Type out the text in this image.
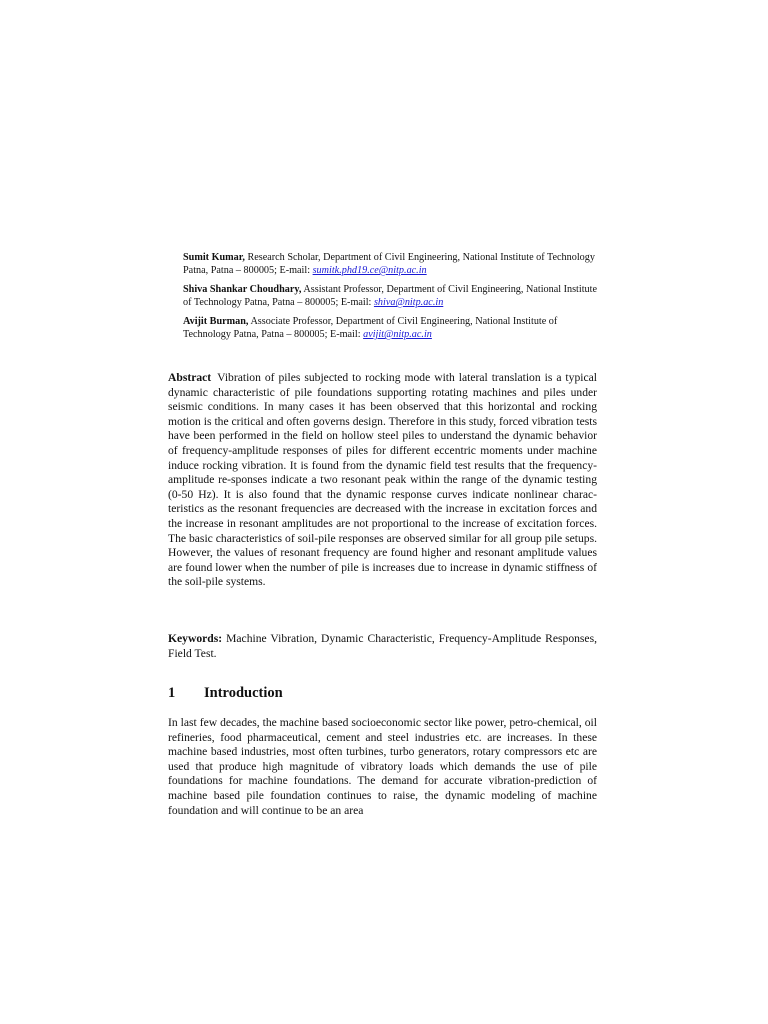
Sumit Kumar, Research Scholar, Department of Civil Engineering, National Institute of Technology Patna, Patna – 800005; E-mail: sumitk.phd19.ce@nitp.ac.in

Shiva Shankar Choudhary, Assistant Professor, Department of Civil Engineering, National Institute of Technology Patna, Patna – 800005; E-mail: shiva@nitp.ac.in

Avijit Burman, Associate Professor, Department of Civil Engineering, National Institute of Technology Patna, Patna – 800005; E-mail: avijit@nitp.ac.in

Abstract Vibration of piles subjected to rocking mode with lateral translation is a typical dynamic characteristic of pile foundations supporting rotating machines and piles under seismic conditions. In many cases it has been observed that this horizontal and rocking motion is the critical and often governs design. Therefore in this study, forced vibration tests have been performed in the field on hollow steel piles to understand the dynamic behavior of frequency-amplitude responses of piles for different eccentric moments under machine induce rocking vibration. It is found from the dynamic field test results that the frequency-amplitude re-sponses indicate a two resonant peak within the range of the dynamic testing (0-50 Hz). It is also found that the dynamic response curves indicate nonlinear charac-teristics as the resonant frequencies are decreased with the increase in excitation forces and the increase in resonant amplitudes are not proportional to the increase of excitation forces. The basic characteristics of soil-pile responses are observed similar for all group pile setups. However, the values of resonant frequency are found higher and resonant amplitude values are found lower when the number of pile is increases due to increase in dynamic stiffness of the soil-pile systems.
Keywords: Machine Vibration, Dynamic Characteristic, Frequency-Amplitude Responses, Field Test.
1 Introduction
In last few decades, the machine based socioeconomic sector like power, petro-chemical, oil refineries, food pharmaceutical, cement and steel industries etc. are increases. In these machine based industries, most often turbines, turbo generators, rotary compressors etc are used that produce high magnitude of vibratory loads which demands the use of pile foundations for machine foundations. The demand for accurate vibration-prediction of machine based pile foundation continues to raise, the dynamic modeling of machine foundation and will continue to be an area
